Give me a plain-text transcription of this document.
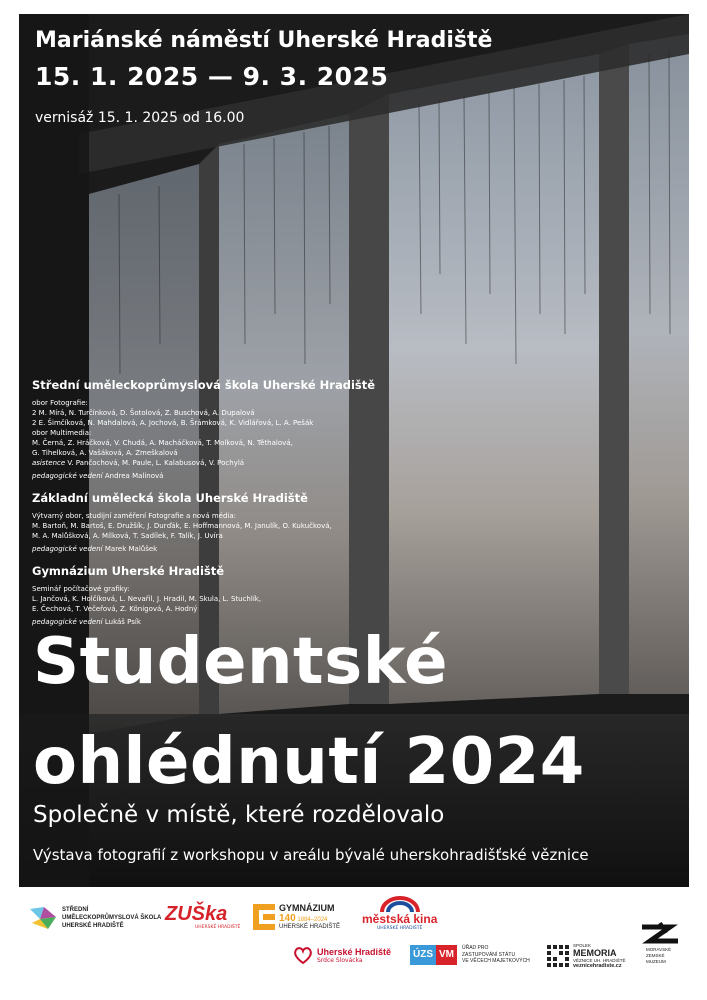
Mariánské náměstí Uherské Hradiště
15. 1. 2025 — 9. 3. 2025
vernisáž 15. 1. 2025 od 16.00
Střední uměleckoprůmyslová škola Uherské Hradiště
obor Fotografie:
2 M. Mírá, N. Turčínková, D. Šotolová, Z. Buschová, A. Dupalová
2 E. Šimčíková, N. Mahdalová, A. Jochová, B. Šrámková, K. Vidlářová, L. A. Pešák
obor Multimedia:
M. Černá, Z. Hráčková, V. Chudá, A. Macháčková, T. Molková, N. Těthalová,
G. Tihelková, A. Vašáková, A. Zmeškalová
asistence V. Pančochová, M. Paule, L. Kalabusová, V. Pochylá
pedagogické vedení Andrea Malinová
Základní umělecká škola Uherské Hradiště
Výtvarný obor, studijní zaměření Fotografie a nová média:
M. Bartoň, M. Bartoš, E. Družšík, J. Durďák, E. Hoffmannová, M. Janulík, O. Kukučková,
M. A. Malůšková, A. Mílková, T. Sadílek, F. Talík, J. Uvíra
pedagogické vedení Marek Malůšek
Gymnázium Uherské Hradiště
Seminář počítačové grafiky:
L. Jančová, K. Holčíková, L. Nevařil, J. Hradil, M. Skula, L. Stuchlík,
E. Čechová, T. Večeřová, Z. Königová, A. Hodný
pedagogické vedení Lukáš Psík
Studentské
ohlédnutí 2024
Společně v místě, které rozdělovalo
Výstava fotografií z workshopu v areálu bývalé uherskohradišťské věznice
STŘEDNÍ
UMĚLECKOPRŮMYSLOVÁ ŠKOLA
UHERSKÉ HRADIŠTĚ
ZUŠka
UHERSKÉ HRADIŠTĚ
GYMNÁZIUM
140 1884–2024
UHERSKÉ HRADIŠTĚ
městská kina
UHERSKÉ HRADIŠTĚ
Uherské Hradiště
Srdce Slovácka	ÚZS VM
ÚŘAD PRO
ZASTUPOVÁNÍ STÁTU
VE VĚCECH MAJETKOVÝCH
SPOLEK
MEMORIA
VĚZNICE UH. HRADIŠTĚ
veznicehradiste.cz
MORAVSKÉ
ZEMSKÉ
MUZEUM
